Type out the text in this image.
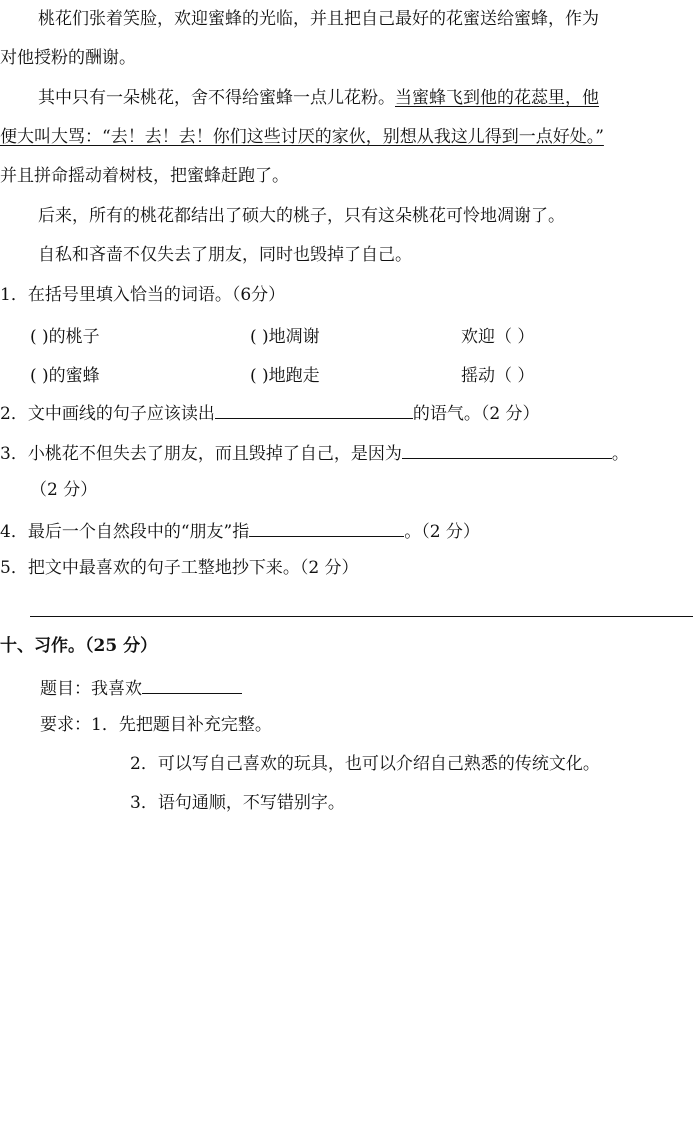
桃花们张着笑脸，欢迎蜜蜂的光临，并且把自己最好的花蜜送给蜜蜂，作为
对他授粉的酬谢。
其中只有一朵桃花，舍不得给蜜蜂一点儿花粉。当蜜蜂飞到他的花蕊里，他
便大叫大骂：“去！去！去！你们这些讨厌的家伙，别想从我这儿得到一点好处。”
并且拼命摇动着树枝，把蜜蜂赶跑了。
后来，所有的桃花都结出了硕大的桃子，只有这朵桃花可怜地凋谢了。
自私和吝啬不仅失去了朋友，同时也毁掉了自己。
1．在括号里填入恰当的词语。（6分）
( )的桃子	( )地凋谢	欢迎（ ）
( )的蜜蜂	( )地跑走	摇动（ ）
2．文中画线的句子应该读出	的语气。（2 分）
3．小桃花不但失去了朋友，而且毁掉了自己，是因为	。
（2 分）
4．最后一个自然段中的“朋友”指	。（2 分）
5．把文中最喜欢的句子工整地抄下来。（2 分）
十、习作。（25 分）
题目：我喜欢
要求：1．先把题目补充完整。
2．可以写自己喜欢的玩具，也可以介绍自己熟悉的传统文化。
3．语句通顺，不写错别字。
